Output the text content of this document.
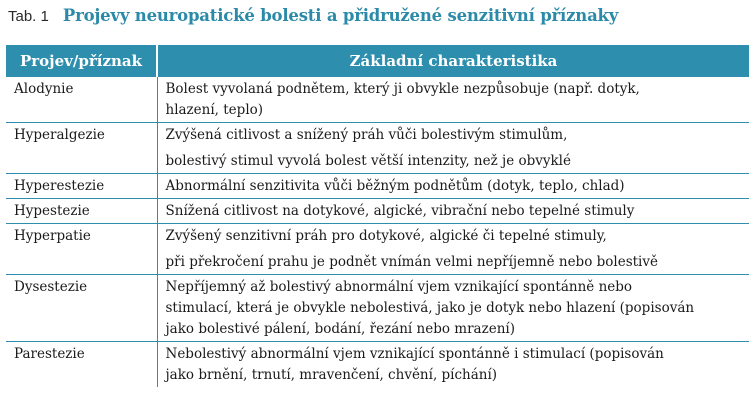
Tab. 1 Projevy neuropatické bolesti a přidružené senzitivní příznaky
Projev/příznak	Základní charakteristika
Alodynie	Bolest vyvolaná podnětem, který ji obvykle nezpůsobuje (např. dotyk,
hlazení, teplo)

Hyperalgezie	Zvýšená citlivost a snížený práh vůči bolestivým stimulům,
bolestivý stimul vyvolá bolest větší intenzity, než je obvyklé

Hyperestezie	Abnormální senzitivita vůči běžným podnětům (dotyk, teplo, chlad)

Hypestezie	Snížená citlivost na dotykové, algické, vibrační nebo tepelné stimuly

Hyperpatie	Zvýšený senzitivní práh pro dotykové, algické či tepelné stimuly,
při překročení prahu je podnět vnímán velmi nepříjemně nebo bolestivě

Dysestezie	Nepříjemný až bolestivý abnormální vjem vznikající spontánně nebo
stimulací, která je obvykle nebolestivá, jako je dotyk nebo hlazení (popisován
jako bolestivé pálení, bodání, řezání nebo mrazení)

Parestezie	Nebolestivý abnormální vjem vznikající spontánně i stimulací (popisován
jako brnění, trnutí, mravenčení, chvění, píchání)
